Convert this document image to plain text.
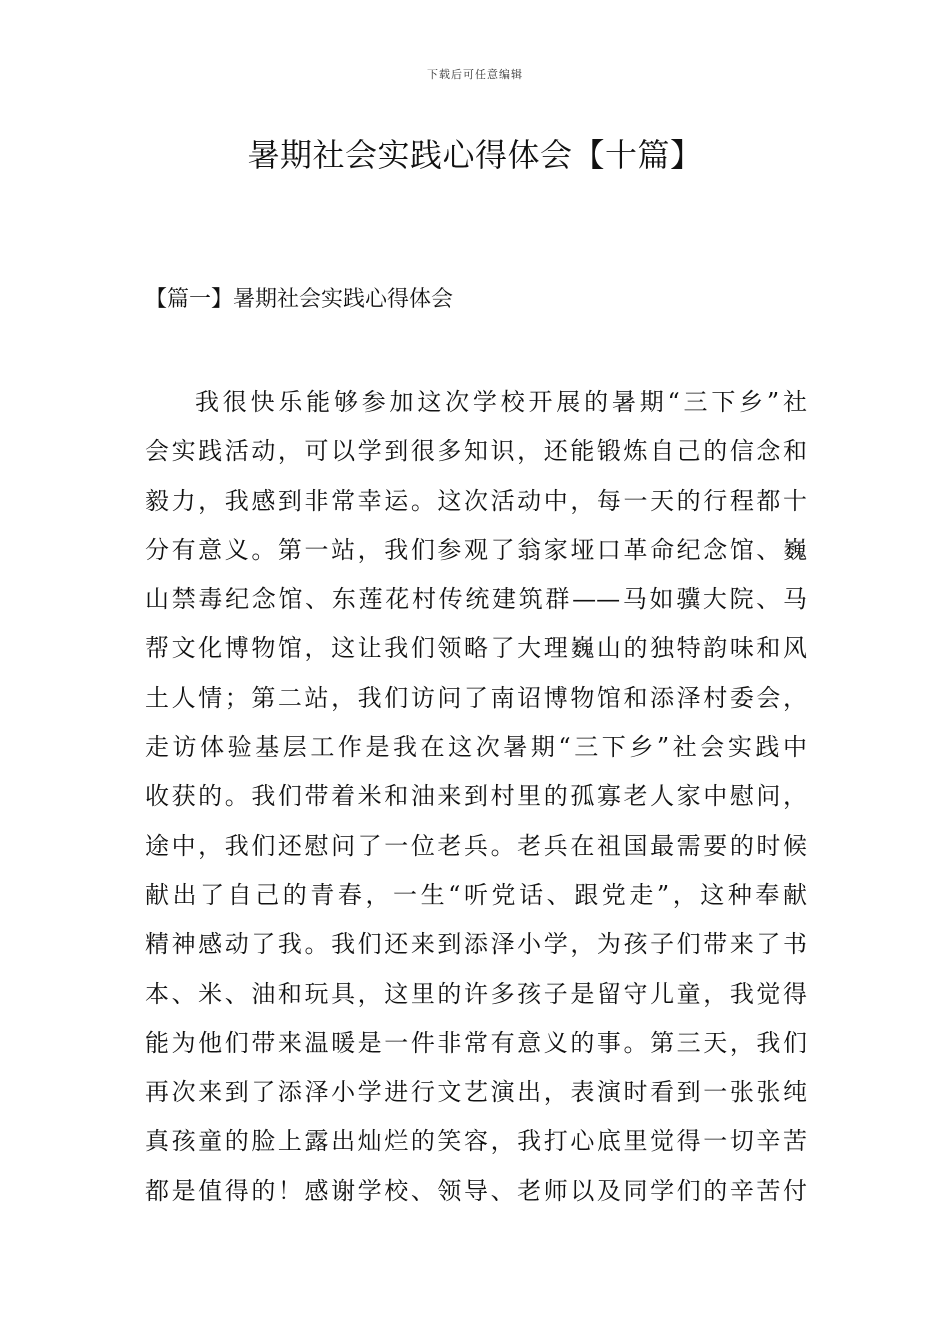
下载后可任意编辑
暑期社会实践心得体会【十篇】
【篇一】暑期社会实践心得体会
我很快乐能够参加这次学校开展的暑期“三下乡”社
会实践活动，可以学到很多知识，还能锻炼自己的信念和
毅力，我感到非常幸运。这次活动中，每一天的行程都十
分有意义。第一站，我们参观了翁家垭口革命纪念馆、巍
山禁毒纪念馆、东莲花村传统建筑群——马如骥大院、马
帮文化博物馆，这让我们领略了大理巍山的独特韵味和风
土人情；第二站，我们访问了南诏博物馆和添泽村委会，
走访体验基层工作是我在这次暑期“三下乡”社会实践中
收获的。我们带着米和油来到村里的孤寡老人家中慰问，
途中，我们还慰问了一位老兵。老兵在祖国最需要的时候
献出了自己的青春，一生“听党话、跟党走”，这种奉献
精神感动了我。我们还来到添泽小学，为孩子们带来了书
本、米、油和玩具，这里的许多孩子是留守儿童，我觉得
能为他们带来温暖是一件非常有意义的事。第三天，我们
再次来到了添泽小学进行文艺演出，表演时看到一张张纯
真孩童的脸上露出灿烂的笑容，我打心底里觉得一切辛苦
都是值得的！感谢学校、领导、老师以及同学们的辛苦付
